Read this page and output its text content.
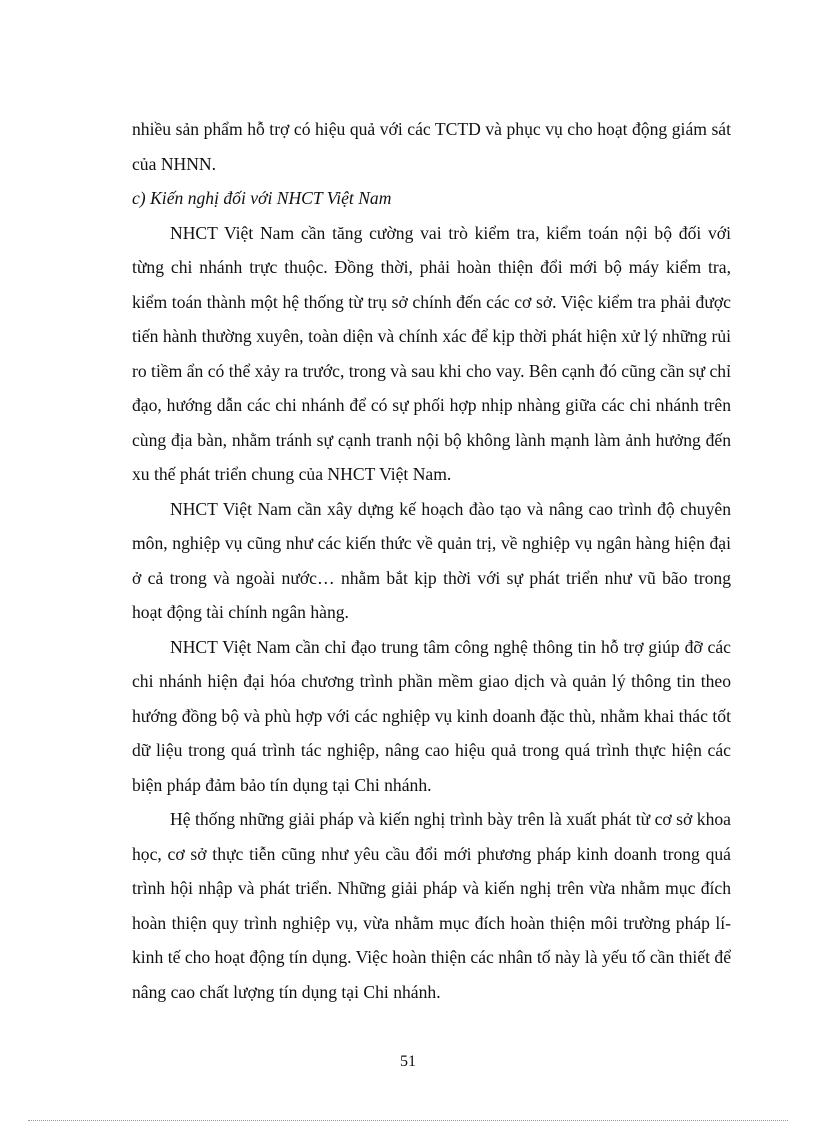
nhiều sản phẩm hỗ trợ có hiệu quả với các TCTD và phục vụ cho hoạt động giám sát của NHNN.

c) Kiến nghị đối với NHCT Việt Nam

NHCT Việt Nam cần tăng cường vai trò kiểm tra, kiểm toán nội bộ đối với từng chi nhánh trực thuộc. Đồng thời, phải hoàn thiện đổi mới bộ máy kiểm tra, kiểm toán thành một hệ thống từ trụ sở chính đến các cơ sở. Việc kiểm tra phải được tiến hành thường xuyên, toàn diện và chính xác để kịp thời phát hiện xử lý những rủi ro tiềm ẩn có thể xảy ra trước, trong và sau khi cho vay. Bên cạnh đó cũng cần sự chỉ đạo, hướng dẫn các chi nhánh để có sự phối hợp nhịp nhàng giữa các chi nhánh trên cùng địa bàn, nhằm tránh sự cạnh tranh nội bộ không lành mạnh làm ảnh hưởng đến xu thế phát triển chung của NHCT Việt Nam.

NHCT Việt Nam cần xây dựng kế hoạch đào tạo và nâng cao trình độ chuyên môn, nghiệp vụ cũng như các kiến thức về quản trị, về nghiệp vụ ngân hàng hiện đại ở cả trong và ngoài nước… nhằm bắt kịp thời với sự phát triển như vũ bão trong hoạt động tài chính ngân hàng.

NHCT Việt Nam cần chỉ đạo trung tâm công nghệ thông tin hỗ trợ giúp đỡ các chi nhánh hiện đại hóa chương trình phần mềm giao dịch và quản lý thông tin theo hướng đồng bộ và phù hợp với các nghiệp vụ kinh doanh đặc thù, nhằm khai thác tốt dữ liệu trong quá trình tác nghiệp, nâng cao hiệu quả trong quá trình thực hiện các biện pháp đảm bảo tín dụng tại Chi nhánh.

Hệ thống những giải pháp và kiến nghị trình bày trên là xuất phát từ cơ sở khoa học, cơ sở thực tiễn cũng như yêu cầu đổi mới phương pháp kinh doanh trong quá trình hội nhập và phát triển. Những giải pháp và kiến nghị trên vừa nhằm mục đích hoàn thiện quy trình nghiệp vụ, vừa nhằm mục đích hoàn thiện môi trường pháp lí- kinh tế cho hoạt động tín dụng. Việc hoàn thiện các nhân tố này là yếu tố cần thiết để nâng cao chất lượng tín dụng tại Chi nhánh.

51
